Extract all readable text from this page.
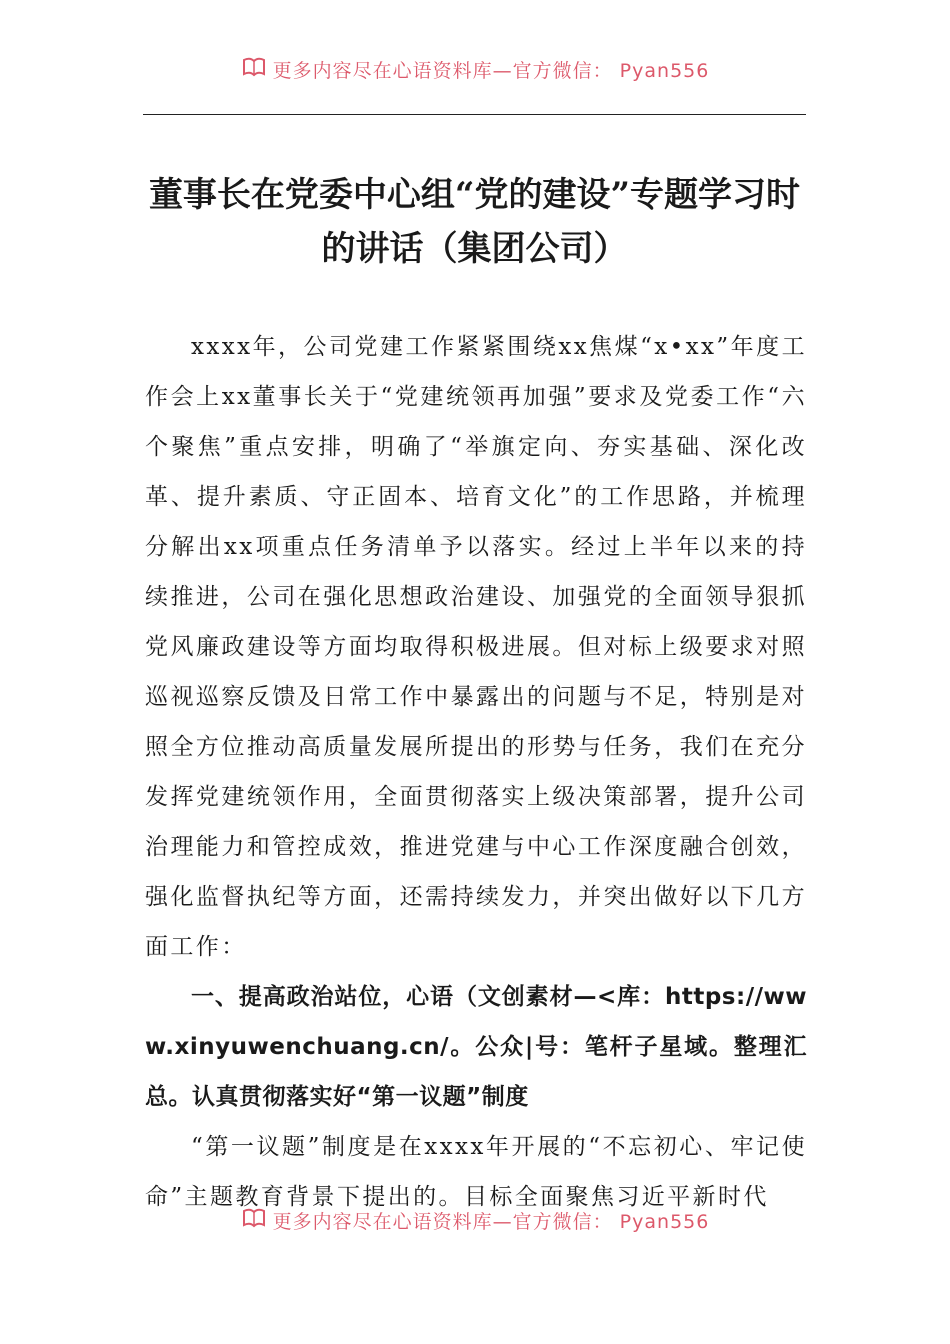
更多内容尽在心语资料库—官方微信： Pyan556
董事长在党委中心组“党的建设”专题学习时的讲话（集团公司）

xxxx年，公司党建工作紧紧围绕xx焦煤“x•xx”年度工作会上xx董事长关于“党建统领再加强”要求及党委工作“六个聚焦”重点安排，明确了“举旗定向、夯实基础、深化改革、提升素质、守正固本、培育文化”的工作思路，并梳理分解出xx项重点任务清单予以落实。经过上半年以来的持续推进，公司在强化思想政治建设、加强党的全面领导狠抓党风廉政建设等方面均取得积极进展。但对标上级要求对照巡视巡察反馈及日常工作中暴露出的问题与不足，特别是对照全方位推动高质量发展所提出的形势与任务，我们在充分发挥党建统领作用，全面贯彻落实上级决策部署，提升公司治理能力和管控成效，推进党建与中心工作深度融合创效，强化监督执纪等方面，还需持续发力，并突出做好以下几方面工作：

一、提高政治站位，心语（文创素材—<库：https://www.xinyuwenchuang.cn/。公众|号：笔杆子星域。整理汇总。认真贯彻落实好“第一议题”制度

“第一议题”制度是在xxxx年开展的“不忘初心、牢记使命”主题教育背景下提出的。目标全面聚焦习近平新时代

更多内容尽在心语资料库—官方微信： Pyan556
